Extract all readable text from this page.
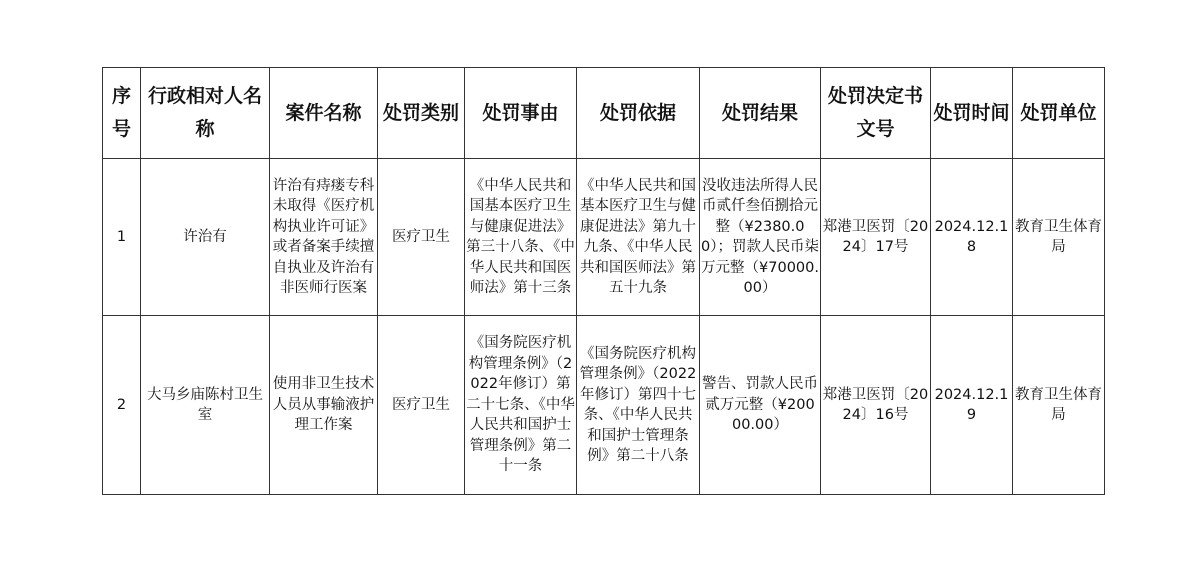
序号	行政相对人名称	案件名称	处罚类别	处罚事由	处罚依据	处罚结果	处罚决定书文号	处罚时间	处罚单位
1	许治有	许治有痔瘘专科未取得《医疗机构执业许可证》或者备案手续擅自执业及许治有非医师行医案	医疗卫生	《中华人民共和国基本医疗卫生与健康促进法》第三十八条、《中华人民共和国医师法》第十三条	《中华人民共和国基本医疗卫生与健康促进法》第九十九条、《中华人民共和国医师法》第五十九条	没收违法所得人民币贰仟叁佰捌拾元整（¥2380.00）；罚款人民币柒万元整（¥70000.00）	郑港卫医罚〔2024〕17号	2024.12.18	教育卫生体育局
2	大马乡庙陈村卫生室	使用非卫生技术人员从事输液护理工作案	医疗卫生	《国务院医疗机构管理条例》（2022年修订）第二十七条、《中华人民共和国护士管理条例》第二十一条	《国务院医疗机构管理条例》（2022年修订）第四十七条、《中华人民共和国护士管理条例》第二十八条	警告、罚款人民币贰万元整（¥20000.00）	郑港卫医罚〔2024〕16号	2024.12.19	教育卫生体育局
